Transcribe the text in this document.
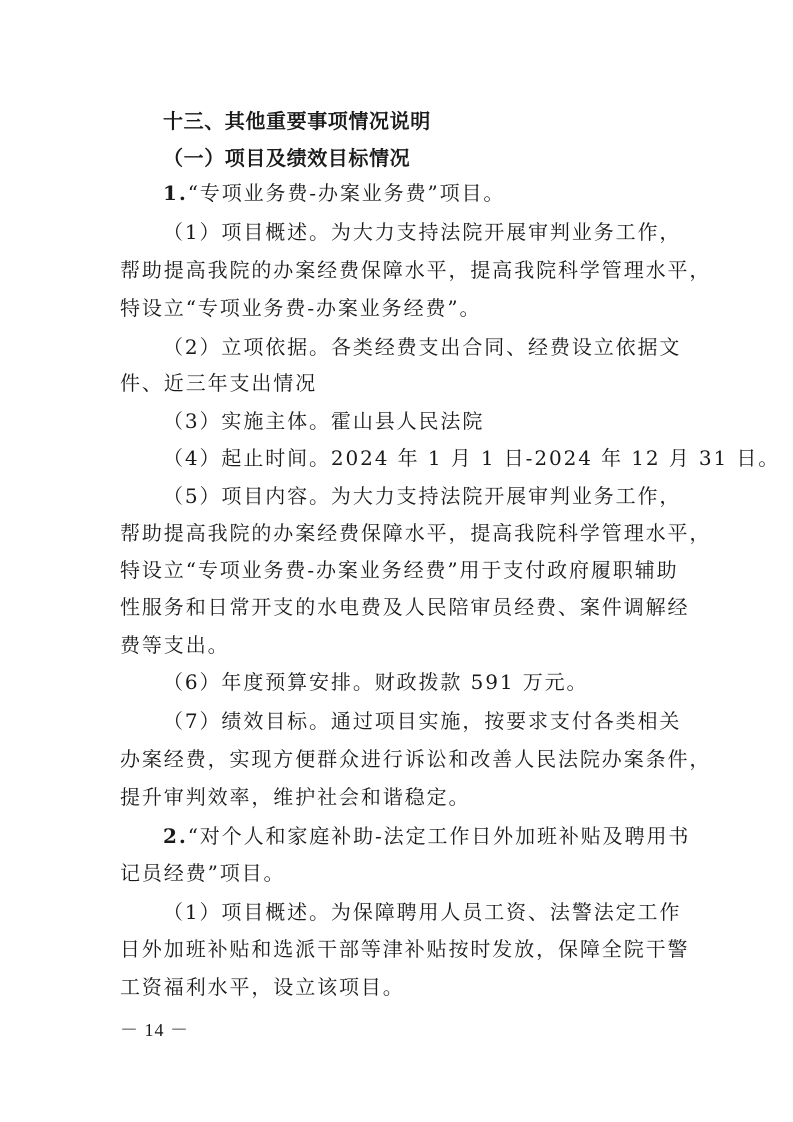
十三、其他重要事项情况说明
（一）项目及绩效目标情况
1.“专项业务费-办案业务费”项目。
（1）项目概述。为大力支持法院开展审判业务工作，
帮助提高我院的办案经费保障水平，提高我院科学管理水平，
特设立“专项业务费-办案业务经费”。
（2）立项依据。各类经费支出合同、经费设立依据文
件、近三年支出情况
（3）实施主体。霍山县人民法院
（4）起止时间。2024 年 1 月 1 日-2024 年 12 月 31 日。
（5）项目内容。为大力支持法院开展审判业务工作，
帮助提高我院的办案经费保障水平，提高我院科学管理水平，
特设立“专项业务费-办案业务经费”用于支付政府履职辅助
性服务和日常开支的水电费及人民陪审员经费、案件调解经
费等支出。
（6）年度预算安排。财政拨款 591 万元。
（7）绩效目标。通过项目实施，按要求支付各类相关
办案经费，实现方便群众进行诉讼和改善人民法院办案条件，
提升审判效率，维护社会和谐稳定。
2.“对个人和家庭补助-法定工作日外加班补贴及聘用书
记员经费”项目。
（1）项目概述。为保障聘用人员工资、法警法定工作
日外加班补贴和选派干部等津补贴按时发放，保障全院干警
工资福利水平，设立该项目。
－ 14 －
